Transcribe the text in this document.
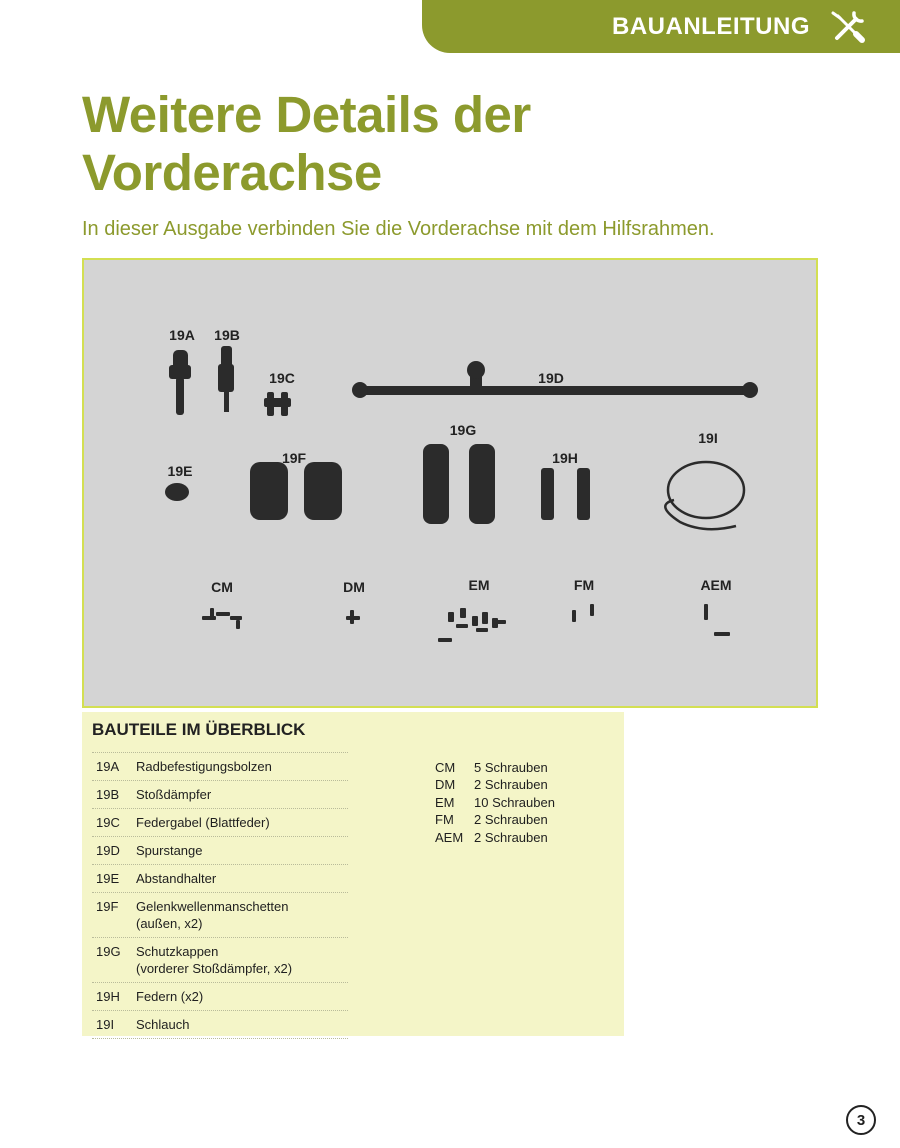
BAUANLEITUNG
Weitere Details der
Vorderachse

In dieser Ausgabe verbinden Sie die Vorderachse mit dem Hilfsrahmen.

19A 19B
19C	19D
19E
19F
19G
19H
19I
CM	DM	EM	FM	AEM
BAUTEILE IM ÜBERBLICK
19A	Radbefestigungsbolzen
19B	Stoßdämpfer
19C	Federgabel (Blattfeder)
19D	Spurstange
19E	Abstandhalter
19F	Gelenkwellenmanschetten
(außen, x2)
19G	Schutzkappen
(vorderer Stoßdämpfer, x2)
19H	Federn (x2)
19I	Schlauch
CM	5 Schrauben
DM	2 Schrauben
EM	10 Schrauben
FM	2 Schrauben
AEM 2 Schrauben
3
